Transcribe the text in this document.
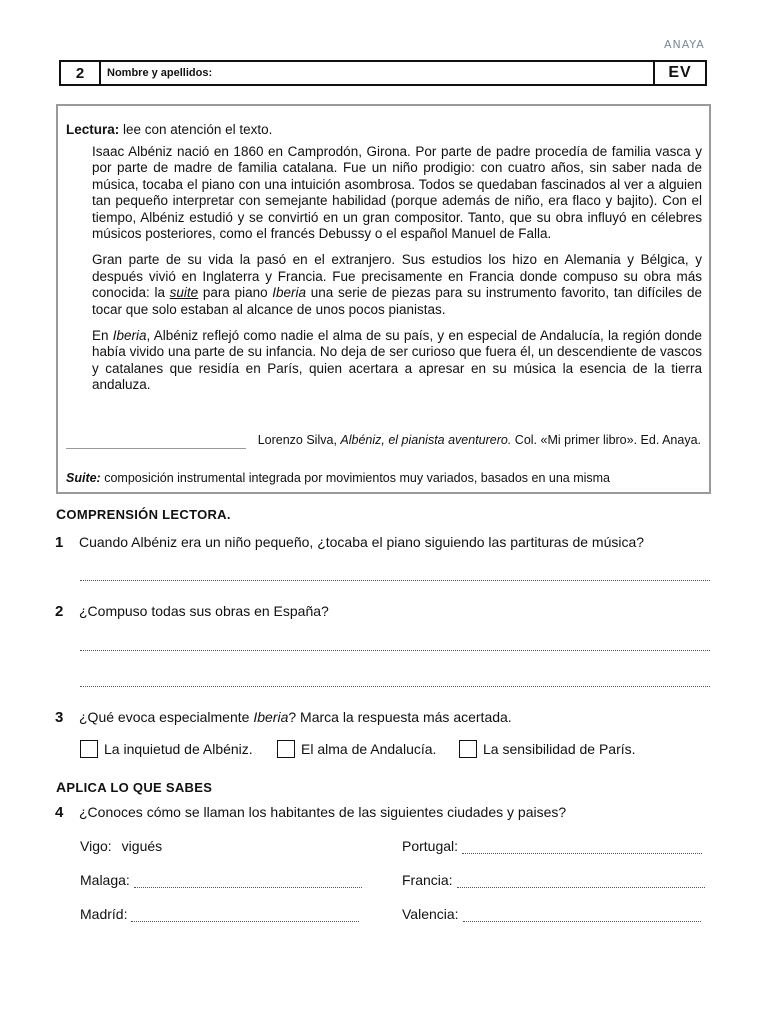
ANAYA
2	Nombre y apellidos:	EV
Lectura: lee con atención el texto.

Isaac Albéniz nació en 1860 en Camprodón, Girona. Por parte de padre procedía de familia vasca y por parte de madre de familia catalana. Fue un niño prodigio: con cuatro años, sin saber nada de música, tocaba el piano con una intuición asombrosa. Todos se quedaban fascinados al ver a alguien tan pequeño interpretar con semejante habilidad (porque además de niño, era flaco y bajito). Con el tiempo, Albéniz estudió y se convirtió en un gran compositor. Tanto, que su obra influyó en célebres músicos posteriores, como el francés Debussy o el español Manuel de Falla.

Gran parte de su vida la pasó en el extranjero. Sus estudios los hizo en Alemania y Bélgica, y después vivió en Inglaterra y Francia. Fue precisamente en Francia donde compuso su obra más conocida: la suite para piano Iberia una serie de piezas para su instrumento favorito, tan difíciles de tocar que solo estaban al alcance de unos pocos pianistas.

En Iberia, Albéniz reflejó como nadie el alma de su país, y en especial de Andalucía, la región donde había vivido una parte de su infancia. No deja de ser curioso que fuera él, un descendiente de vascos y catalanes que residía en París, quien acertara a apresar en su música la esencia de la tierra andaluza.

Lorenzo Silva, Albéniz, el pianista aventurero. Col. «Mi primer libro». Ed. Anaya.
Suite: composición instrumental integrada por movimientos muy variados, basados en una misma
COMPRENSIÓN LECTORA.
1 Cuando Albéniz era un niño pequeño, ¿tocaba el piano siguiendo las partituras de música?
2 ¿Compuso todas sus obras en España?
3 ¿Qué evoca especialmente Iberia? Marca la respuesta más acertada.
La inquietud de Albéniz.	El alma de Andalucía.	La sensibilidad de París.
APLICA LO QUE SABES
4 ¿Conoces cómo se llaman los habitantes de las siguientes ciudades y paises?
Vigo: vigués	Portugal:
Malaga:	Francia:
Madríd:	Valencia:
